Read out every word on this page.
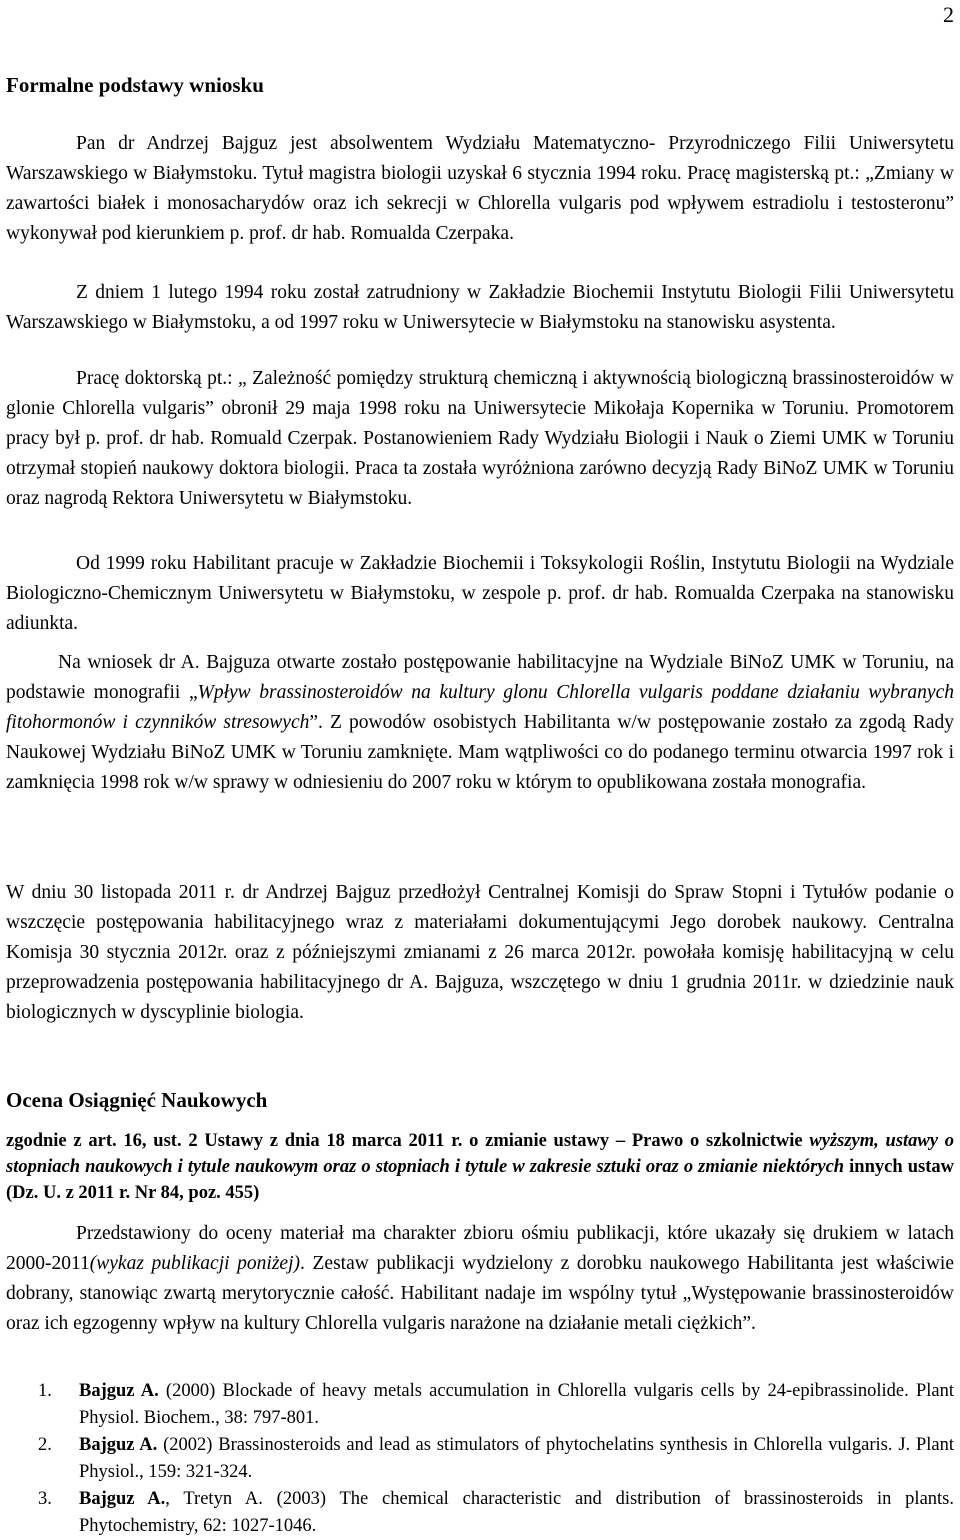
2
Formalne podstawy wniosku

Pan dr Andrzej Bajguz jest absolwentem Wydziału Matematyczno- Przyrodniczego Filii Uniwersytetu Warszawskiego w Białymstoku. Tytuł magistra biologii uzyskał 6 stycznia 1994 roku. Pracę magisterską pt.: „Zmiany w zawartości białek i monosacharydów oraz ich sekrecji w Chlorella vulgaris pod wpływem estradiolu i testosteronu” wykonywał pod kierunkiem p. prof. dr hab. Romualda Czerpaka.

Z dniem 1 lutego 1994 roku został zatrudniony w Zakładzie Biochemii Instytutu Biologii Filii Uniwersytetu Warszawskiego w Białymstoku, a od 1997 roku w Uniwersytecie w Białymstoku na stanowisku asystenta.

Pracę doktorską pt.: „ Zależność pomiędzy strukturą chemiczną i aktywnością biologiczną brassinosteroidów w glonie Chlorella vulgaris” obronił 29 maja 1998 roku na Uniwersytecie Mikołaja Kopernika w Toruniu. Promotorem pracy był p. prof. dr hab. Romuald Czerpak. Postanowieniem Rady Wydziału Biologii i Nauk o Ziemi UMK w Toruniu otrzymał stopień naukowy doktora biologii. Praca ta została wyróżniona zarówno decyzją Rady BiNoZ UMK w Toruniu oraz nagrodą Rektora Uniwersytetu w Białymstoku.

Od 1999 roku Habilitant pracuje w Zakładzie Biochemii i Toksykologii Roślin, Instytutu Biologii na Wydziale Biologiczno-Chemicznym Uniwersytetu w Białymstoku, w zespole p. prof. dr hab. Romualda Czerpaka na stanowisku adiunkta.

Na wniosek dr A. Bajguza otwarte zostało postępowanie habilitacyjne na Wydziale BiNoZ UMK w Toruniu, na podstawie monografii „Wpływ brassinosteroidów na kultury glonu Chlorella vulgaris poddane działaniu wybranych fitohormonów i czynników stresowych”. Z powodów osobistych Habilitanta w/w postępowanie zostało za zgodą Rady Naukowej Wydziału BiNoZ UMK w Toruniu zamknięte. Mam wątpliwości co do podanego terminu otwarcia 1997 rok i zamknięcia 1998 rok w/w sprawy w odniesieniu do 2007 roku w którym to opublikowana została monografia.

W dniu 30 listopada 2011 r. dr Andrzej Bajguz przedłożył Centralnej Komisji do Spraw Stopni i Tytułów podanie o wszczęcie postępowania habilitacyjnego wraz z materiałami dokumentującymi Jego dorobek naukowy. Centralna Komisja 30 stycznia 2012r. oraz z późniejszymi zmianami z 26 marca 2012r. powołała komisję habilitacyjną w celu przeprowadzenia postępowania habilitacyjnego dr A. Bajguza, wszczętego w dniu 1 grudnia 2011r. w dziedzinie nauk biologicznych w dyscyplinie biologia.

Ocena Osiągnięć Naukowych

zgodnie z art. 16, ust. 2 Ustawy z dnia 18 marca 2011 r. o zmianie ustawy – Prawo o szkolnictwie wyższym, ustawy o stopniach naukowych i tytule naukowym oraz o stopniach i tytule w zakresie sztuki oraz o zmianie niektórych innych ustaw (Dz. U. z 2011 r. Nr 84, poz. 455)

Przedstawiony do oceny materiał ma charakter zbioru ośmiu publikacji, które ukazały się drukiem w latach 2000-2011(wykaz publikacji poniżej). Zestaw publikacji wydzielony z dorobku naukowego Habilitanta jest właściwie dobrany, stanowiąc zwartą merytorycznie całość. Habilitant nadaje im wspólny tytuł „Występowanie brassinosteroidów oraz ich egzogenny wpływ na kultury Chlorella vulgaris narażone na działanie metali ciężkich”.

1. Bajguz A. (2000) Blockade of heavy metals accumulation in Chlorella vulgaris cells by 24-epibrassinolide. Plant Physiol. Biochem., 38: 797-801.
2. Bajguz A. (2002) Brassinosteroids and lead as stimulators of phytochelatins synthesis in Chlorella vulgaris. J. Plant Physiol., 159: 321-324.
3. Bajguz A., Tretyn A. (2003) The chemical characteristic and distribution of brassinosteroids in plants. Phytochemistry, 62: 1027-1046.
